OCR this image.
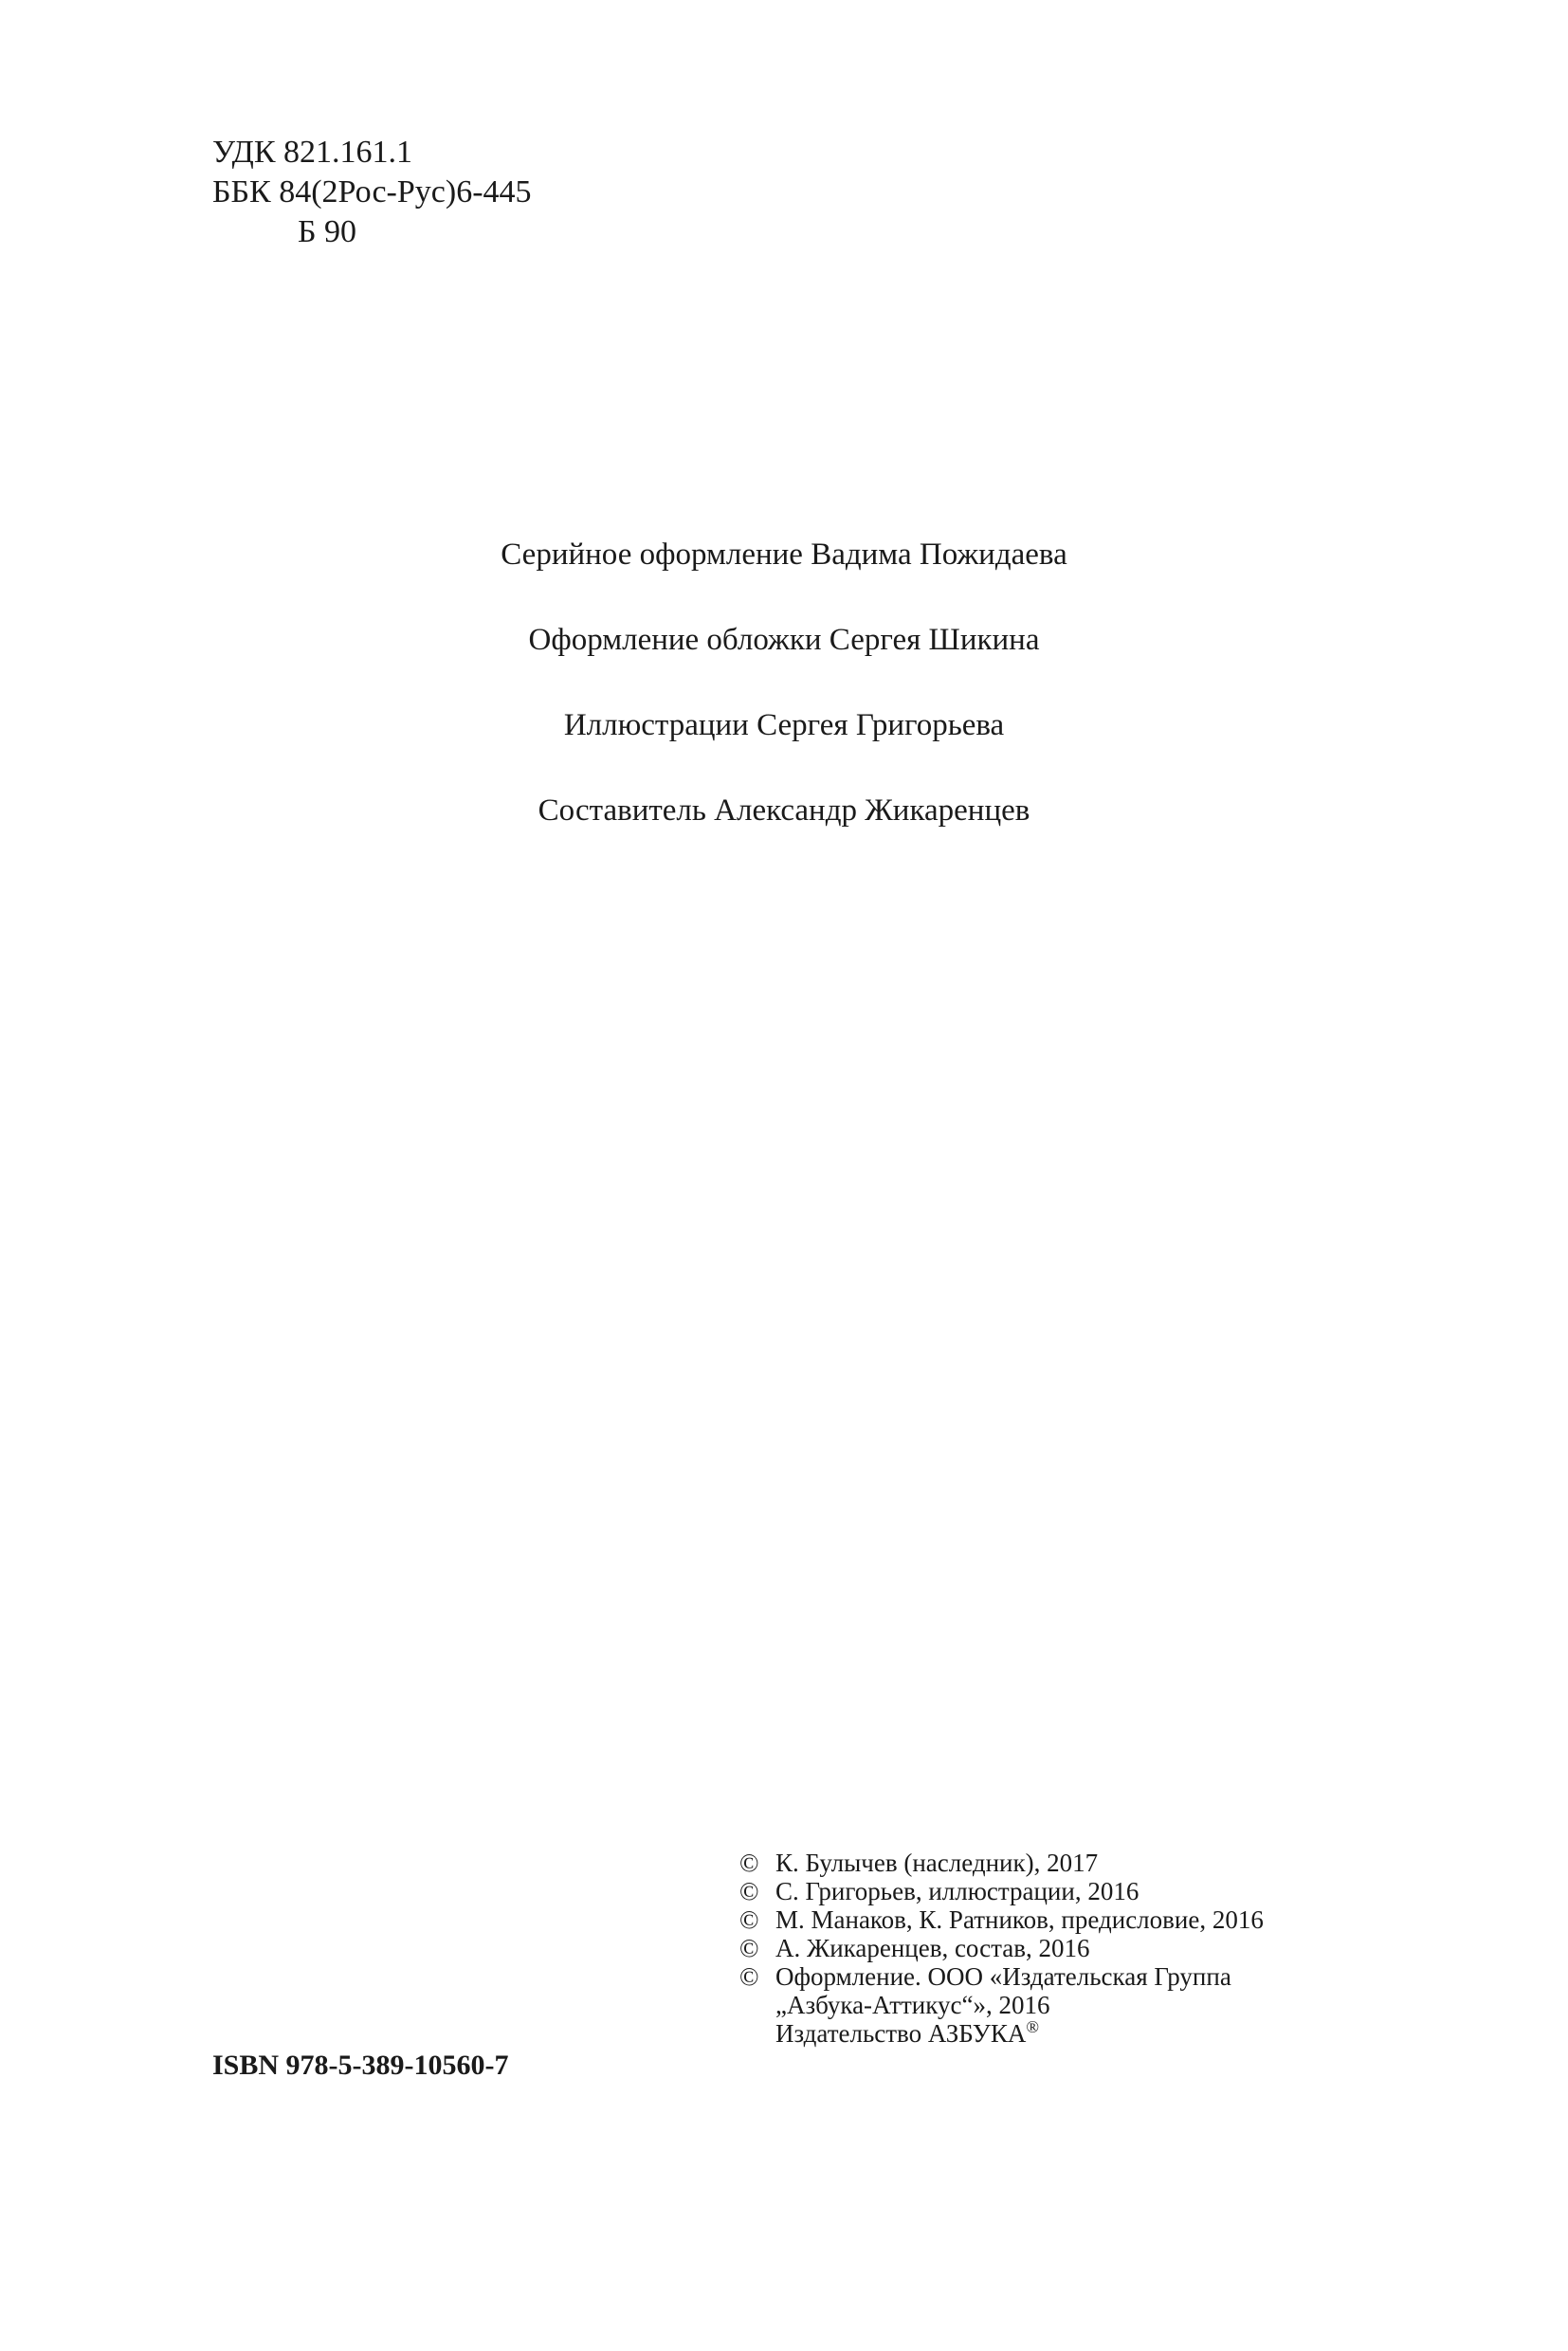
УДК 821.161.1
ББК 84(2Рос-Рус)6-445
Б 90
Серийное оформление Вадима Пожидаева
Оформление обложки Сергея Шикина
Иллюстрации Сергея Григорьева
Составитель Александр Жикаренцев
ISBN 978-5-389-10560-7
© К. Булычев (наследник), 2017
© С. Григорьев, иллюстрации, 2016
© М. Манаков, К. Ратников, предисловие, 2016
© А. Жикаренцев, состав, 2016
© Оформление. ООО «Издательская Группа
„Азбука-Аттикус“», 2016
Издательство АЗБУКА®
